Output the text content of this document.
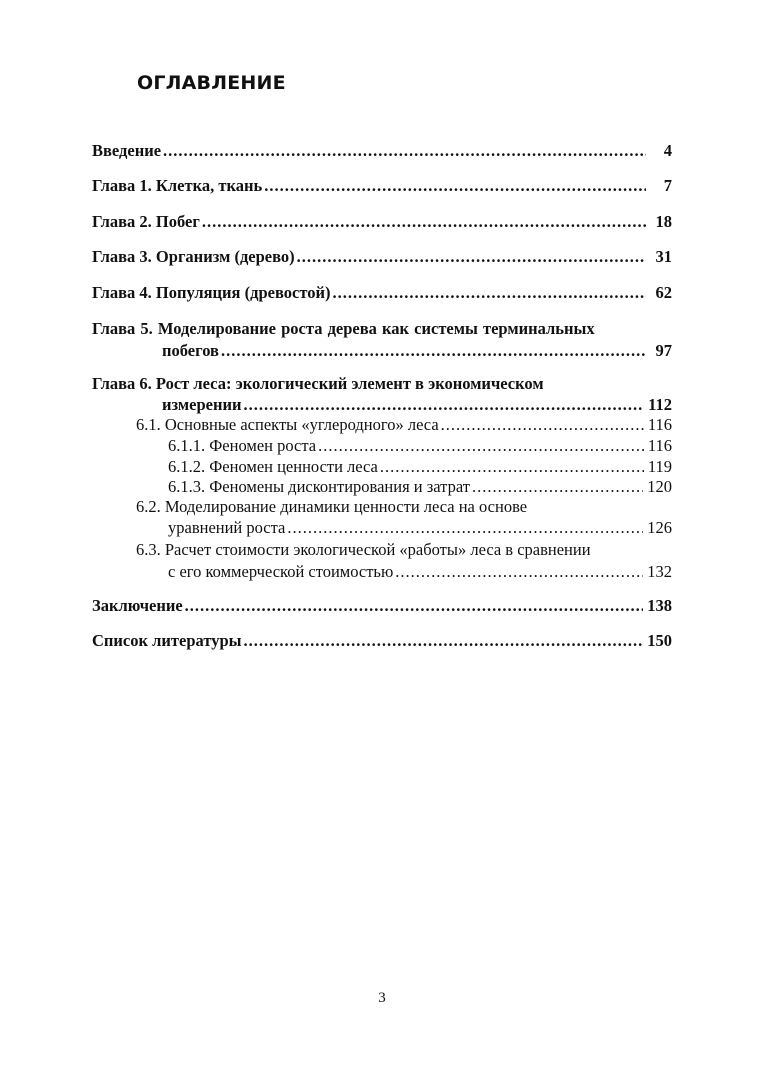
ОГЛАВЛЕНИЕ
Введение .....	4
Глава 1. Клетка, ткань .....	7
Глава 2. Побег .....	18
Глава 3. Организм (дерево) .....	31
Глава 4. Популяция (древостой) .....	62
Глава 5. Моделирование роста дерева как системы терминальных
побегов .....	97
Глава 6. Рост леса: экологический элемент в экономическом
измерении .....	112
6.1. Основные аспекты «углеродного» леса .....	116
6.1.1. Феномен роста .....	116
6.1.2. Феномен ценности леса .....	119
6.1.3. Феномены дисконтирования и затрат .....	120
6.2. Моделирование динамики ценности леса на основе
уравнений роста .....	126
6.3. Расчет стоимости экологической «работы» леса в сравнении
с его коммерческой стоимостью .....	132
Заключение .....	138
Список литературы .....	150
3
